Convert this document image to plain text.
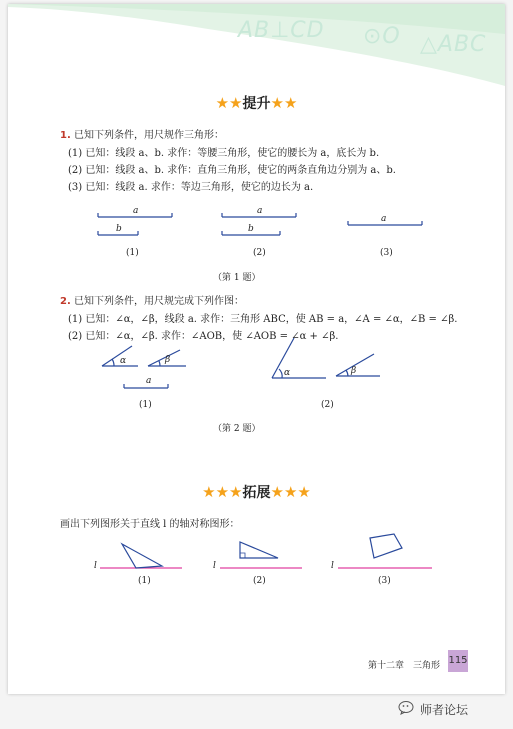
AB⊥CD ⊙O △ABC
★★提升★★
1. 已知下列条件，用尺规作三角形：
(1) 已知：线段 a、b. 求作：等腰三角形，使它的腰长为 a，底长为 b.
(2) 已知：线段 a、b. 求作：直角三角形，使它的两条直角边分别为 a、b.
(3) 已知：线段 a. 求作：等边三角形，使它的边长为 a.
a
b
(1)
a
b
(2)
a
(3)
（第 1 题）
2. 已知下列条件，用尺规完成下列作图：
(1) 已知：∠α，∠β，线段 a. 求作：三角形 ABC，使 AB = a，∠A = ∠α，∠B = ∠β.
(2) 已知：∠α，∠β. 求作：∠AOB，使 ∠AOB = ∠α + ∠β.
α	β
a
(1)
α	β
(2)
（第 2 题）
★★★拓展★★★
画出下列图形关于直线 l 的轴对称图形：
l
(1)
l
(2)
l
(3)
第十二章　三角形 115
师者论坛
